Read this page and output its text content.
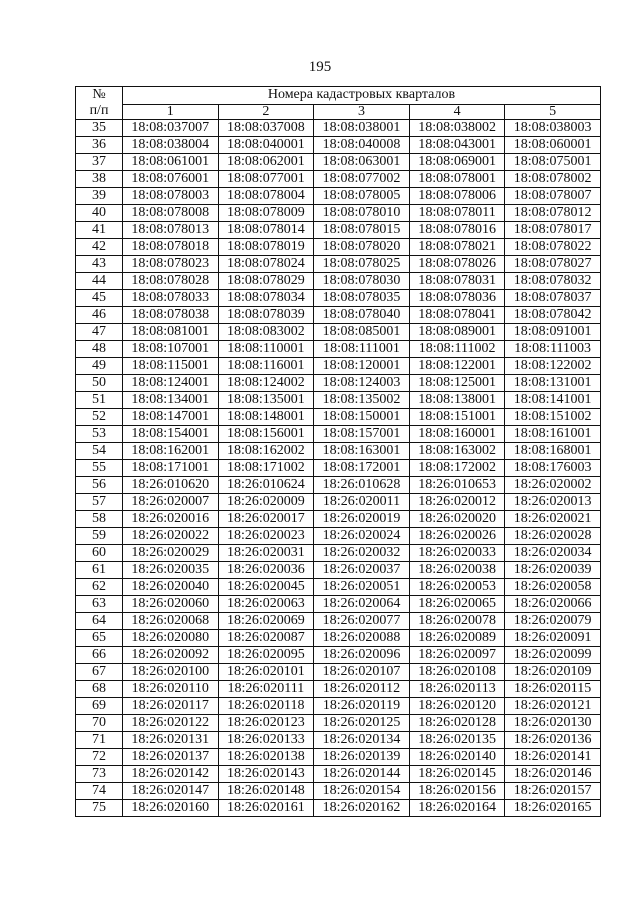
195
№
п/п	Номера кадастровых кварталов				
	1	2	3	4	5
35	18:08:037007	18:08:037008	18:08:038001	18:08:038002	18:08:038003
36	18:08:038004	18:08:040001	18:08:040008	18:08:043001	18:08:060001
37	18:08:061001	18:08:062001	18:08:063001	18:08:069001	18:08:075001
38	18:08:076001	18:08:077001	18:08:077002	18:08:078001	18:08:078002
39	18:08:078003	18:08:078004	18:08:078005	18:08:078006	18:08:078007
40	18:08:078008	18:08:078009	18:08:078010	18:08:078011	18:08:078012
41	18:08:078013	18:08:078014	18:08:078015	18:08:078016	18:08:078017
42	18:08:078018	18:08:078019	18:08:078020	18:08:078021	18:08:078022
43	18:08:078023	18:08:078024	18:08:078025	18:08:078026	18:08:078027
44	18:08:078028	18:08:078029	18:08:078030	18:08:078031	18:08:078032
45	18:08:078033	18:08:078034	18:08:078035	18:08:078036	18:08:078037
46	18:08:078038	18:08:078039	18:08:078040	18:08:078041	18:08:078042
47	18:08:081001	18:08:083002	18:08:085001	18:08:089001	18:08:091001
48	18:08:107001	18:08:110001	18:08:111001	18:08:111002	18:08:111003
49	18:08:115001	18:08:116001	18:08:120001	18:08:122001	18:08:122002
50	18:08:124001	18:08:124002	18:08:124003	18:08:125001	18:08:131001
51	18:08:134001	18:08:135001	18:08:135002	18:08:138001	18:08:141001
52	18:08:147001	18:08:148001	18:08:150001	18:08:151001	18:08:151002
53	18:08:154001	18:08:156001	18:08:157001	18:08:160001	18:08:161001
54	18:08:162001	18:08:162002	18:08:163001	18:08:163002	18:08:168001
55	18:08:171001	18:08:171002	18:08:172001	18:08:172002	18:08:176003
56	18:26:010620	18:26:010624	18:26:010628	18:26:010653	18:26:020002
57	18:26:020007	18:26:020009	18:26:020011	18:26:020012	18:26:020013
58	18:26:020016	18:26:020017	18:26:020019	18:26:020020	18:26:020021
59	18:26:020022	18:26:020023	18:26:020024	18:26:020026	18:26:020028
60	18:26:020029	18:26:020031	18:26:020032	18:26:020033	18:26:020034
61	18:26:020035	18:26:020036	18:26:020037	18:26:020038	18:26:020039
62	18:26:020040	18:26:020045	18:26:020051	18:26:020053	18:26:020058
63	18:26:020060	18:26:020063	18:26:020064	18:26:020065	18:26:020066
64	18:26:020068	18:26:020069	18:26:020077	18:26:020078	18:26:020079
65	18:26:020080	18:26:020087	18:26:020088	18:26:020089	18:26:020091
66	18:26:020092	18:26:020095	18:26:020096	18:26:020097	18:26:020099
67	18:26:020100	18:26:020101	18:26:020107	18:26:020108	18:26:020109
68	18:26:020110	18:26:020111	18:26:020112	18:26:020113	18:26:020115
69	18:26:020117	18:26:020118	18:26:020119	18:26:020120	18:26:020121
70	18:26:020122	18:26:020123	18:26:020125	18:26:020128	18:26:020130
71	18:26:020131	18:26:020133	18:26:020134	18:26:020135	18:26:020136
72	18:26:020137	18:26:020138	18:26:020139	18:26:020140	18:26:020141
73	18:26:020142	18:26:020143	18:26:020144	18:26:020145	18:26:020146
74	18:26:020147	18:26:020148	18:26:020154	18:26:020156	18:26:020157
75	18:26:020160	18:26:020161	18:26:020162	18:26:020164	18:26:020165
